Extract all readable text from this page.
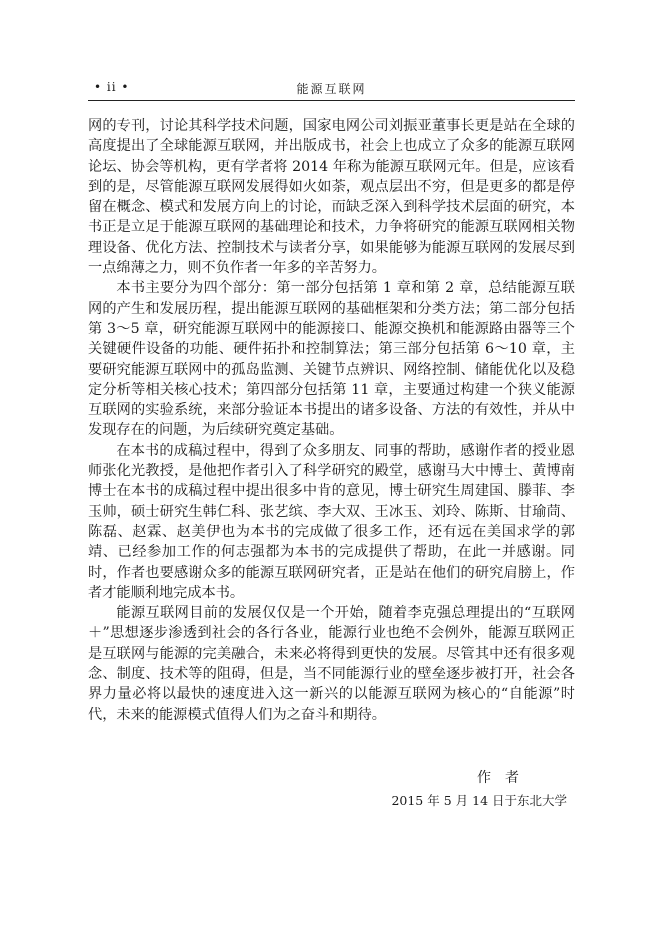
• ii •	能源互联网

网的专刊，讨论其科学技术问题，国家电网公司刘振亚董事长更是站在全球的高度提出了全球能源互联网，并出版成书，社会上也成立了众多的能源互联网论坛、协会等机构，更有学者将 2014 年称为能源互联网元年。但是，应该看到的是，尽管能源互联网发展得如火如荼，观点层出不穷，但是更多的都是停留在概念、模式和发展方向上的讨论，而缺乏深入到科学技术层面的研究，本书正是立足于能源互联网的基础理论和技术，力争将研究的能源互联网相关物理设备、优化方法、控制技术与读者分享，如果能够为能源互联网的发展尽到一点绵薄之力，则不负作者一年多的辛苦努力。

本书主要分为四个部分：第一部分包括第 1 章和第 2 章，总结能源互联网的产生和发展历程，提出能源互联网的基础框架和分类方法；第二部分包括第 3～5 章，研究能源互联网中的能源接口、能源交换机和能源路由器等三个关键硬件设备的功能、硬件拓扑和控制算法；第三部分包括第 6～10 章，主要研究能源互联网中的孤岛监测、关键节点辨识、网络控制、储能优化以及稳定分析等相关核心技术；第四部分包括第 11 章，主要通过构建一个狭义能源互联网的实验系统，来部分验证本书提出的诸多设备、方法的有效性，并从中发现存在的问题，为后续研究奠定基础。

在本书的成稿过程中，得到了众多朋友、同事的帮助，感谢作者的授业恩师张化光教授，是他把作者引入了科学研究的殿堂，感谢马大中博士、黄博南博士在本书的成稿过程中提出很多中肯的意见，博士研究生周建国、滕菲、李玉帅，硕士研究生韩仁科、张艺缤、李大双、王冰玉、刘玲、陈斯、甘瑜茼、陈磊、赵霖、赵美伊也为本书的完成做了很多工作，还有远在美国求学的郭靖、已经参加工作的何志强都为本书的完成提供了帮助，在此一并感谢。同时，作者也要感谢众多的能源互联网研究者，正是站在他们的研究肩膀上，作者才能顺利地完成本书。

能源互联网目前的发展仅仅是一个开始，随着李克强总理提出的“互联网＋”思想逐步渗透到社会的各行各业，能源行业也绝不会例外，能源互联网正是互联网与能源的完美融合，未来必将得到更快的发展。尽管其中还有很多观念、制度、技术等的阻碍，但是，当不同能源行业的壁垒逐步被打开，社会各界力量必将以最快的速度进入这一新兴的以能源互联网为核心的“自能源”时代，未来的能源模式值得人们为之奋斗和期待。

作者
2015 年 5 月 14 日于东北大学
